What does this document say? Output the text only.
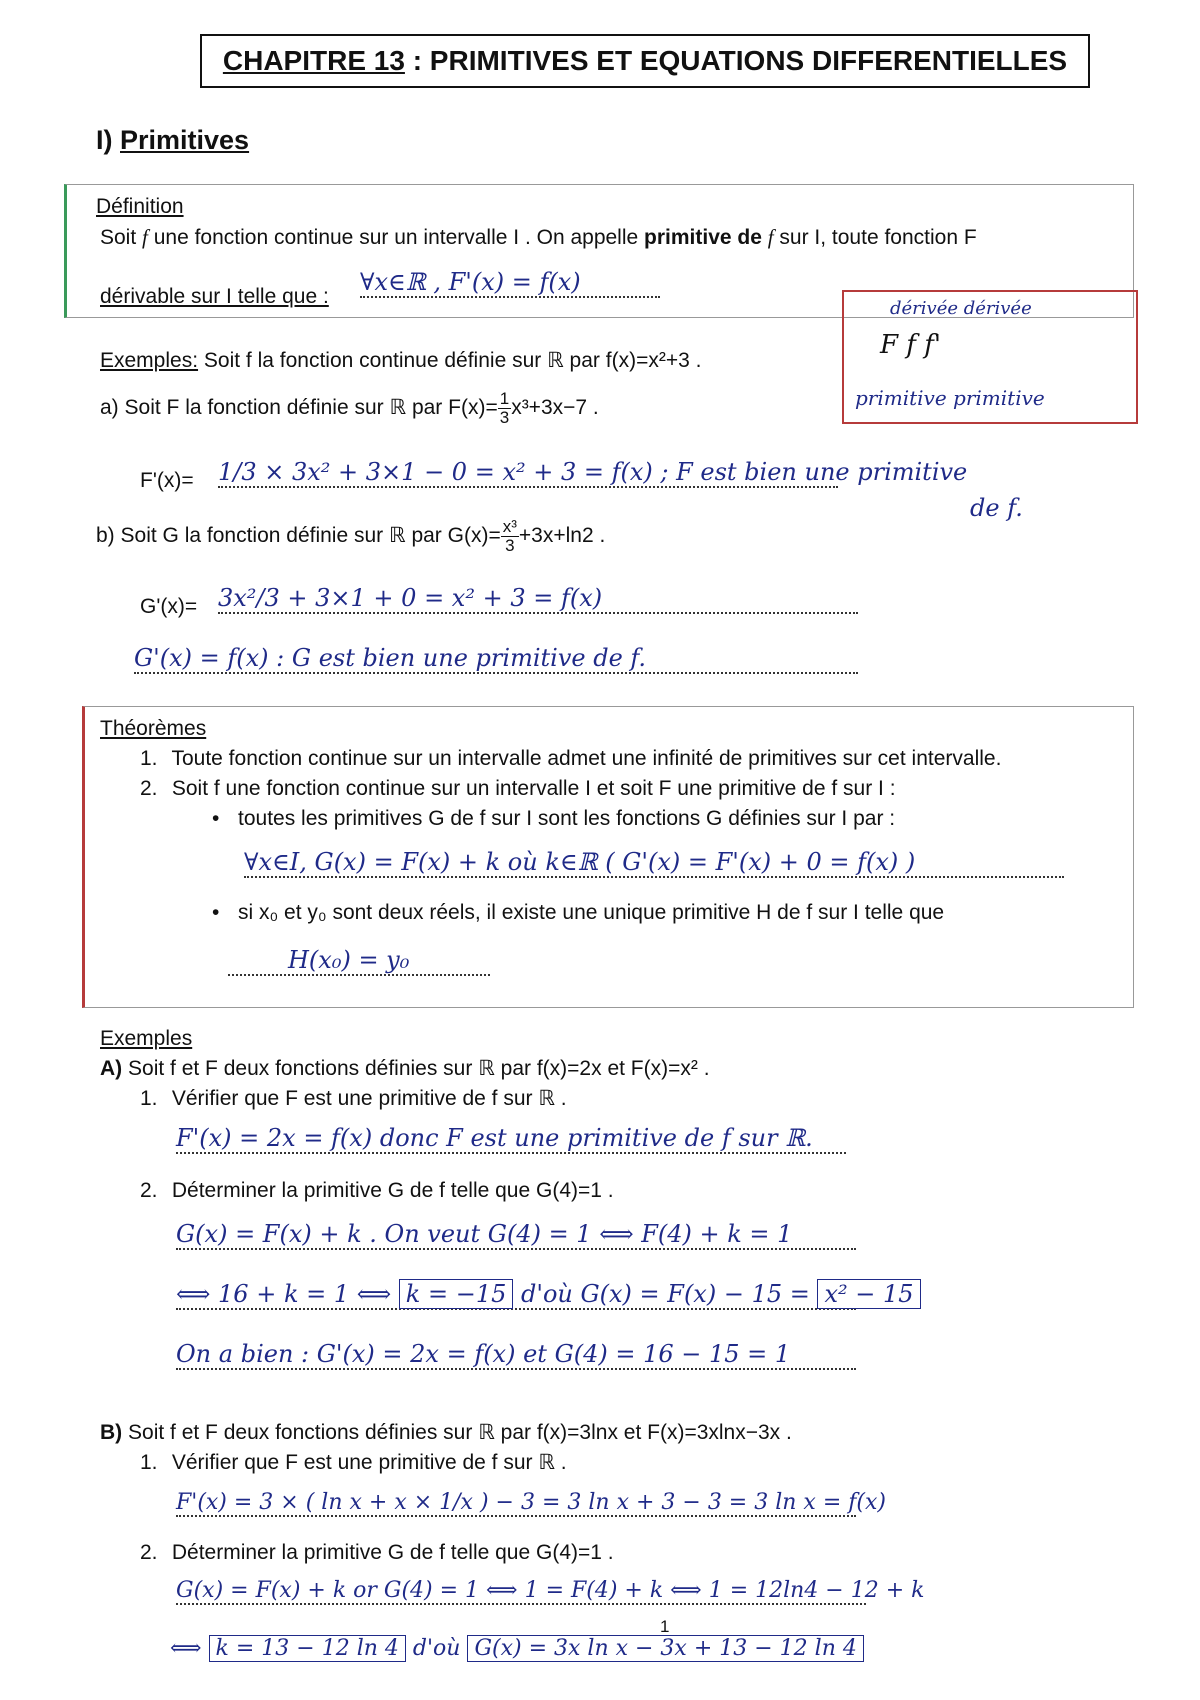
CHAPITRE 13 : PRIMITIVES ET EQUATIONS DIFFERENTIELLES
I) Primitives
Définition
Soit f une fonction continue sur un intervalle I . On appelle primitive de f sur I, toute fonction F
dérivable sur I telle que :
∀x∈ℝ , F'(x) = f(x)
dérivée dérivée
F f f'
primitive primitive
Exemples: Soit f la fonction continue définie sur ℝ par f(x)=x²+3 .
a) Soit F la fonction définie sur ℝ par $F(x)= \frac{1}{3} x^3+3x-7$ .
F'(x)= 1/3 × 3x² + 3×1 − 0 = x² + 3 = f(x) ; F est bien une primitive
de f.
b) Soit G la fonction définie sur ℝ par $G(x)= \frac{\text{x³}}{3} +3x+\ln 2$ .
G'(x)= 3x²/3 + 3×1 + 0 = x² + 3 = f(x)
G'(x) = f(x) : G est bien une primitive de f.
Théorèmes
1. Toute fonction continue sur un intervalle admet une infinité de primitives sur cet intervalle.
2. Soit f une fonction continue sur un intervalle I et soit F une primitive de f sur I :
• toutes les primitives G de f sur I sont les fonctions G définies sur I par :
∀x∈I, G(x) = F(x) + k où k∈ℝ ( G'(x) = F'(x) + 0 = f(x) )
• si x₀ et y₀ sont deux réels, il existe une unique primitive H de f sur I telle que
H(x₀) = y₀
Exemples
A) Soit f et F deux fonctions définies sur ℝ par f(x)=2x et F(x)=x² .
1. Vérifier que F est une primitive de f sur ℝ .
F'(x) = 2x = f(x) donc F est une primitive de f sur ℝ.
2. Déterminer la primitive G de f telle que G(4)=1 .
G(x) = F(x) + k . On veut G(4) = 1 ⟺ F(4) + k = 1
⟺ 16 + k = 1 ⟺ k = −15 d'où G(x) = F(x) − 15 = x² − 15
On a bien : G'(x) = 2x = f(x) et G(4) = 16 − 15 = 1
B) Soit f et F deux fonctions définies sur ℝ par f(x)=3lnx et F(x)=3xlnx−3x .
1. Vérifier que F est une primitive de f sur ℝ .
F'(x) = 3 × ( ln x + x × 1/x ) − 3 = 3 ln x + 3 − 3 = 3 ln x = f(x)
2. Déterminer la primitive G de f telle que G(4)=1 .
G(x) = F(x) + k or G(4) = 1 ⟺ 1 = F(4) + k ⟺ 1 = 12ln4 − 12 + k
⟺ k = 13 − 12 ln 4 d'où G(x) = 3x ln x − 3x + 13 − 12 ln 4
1
